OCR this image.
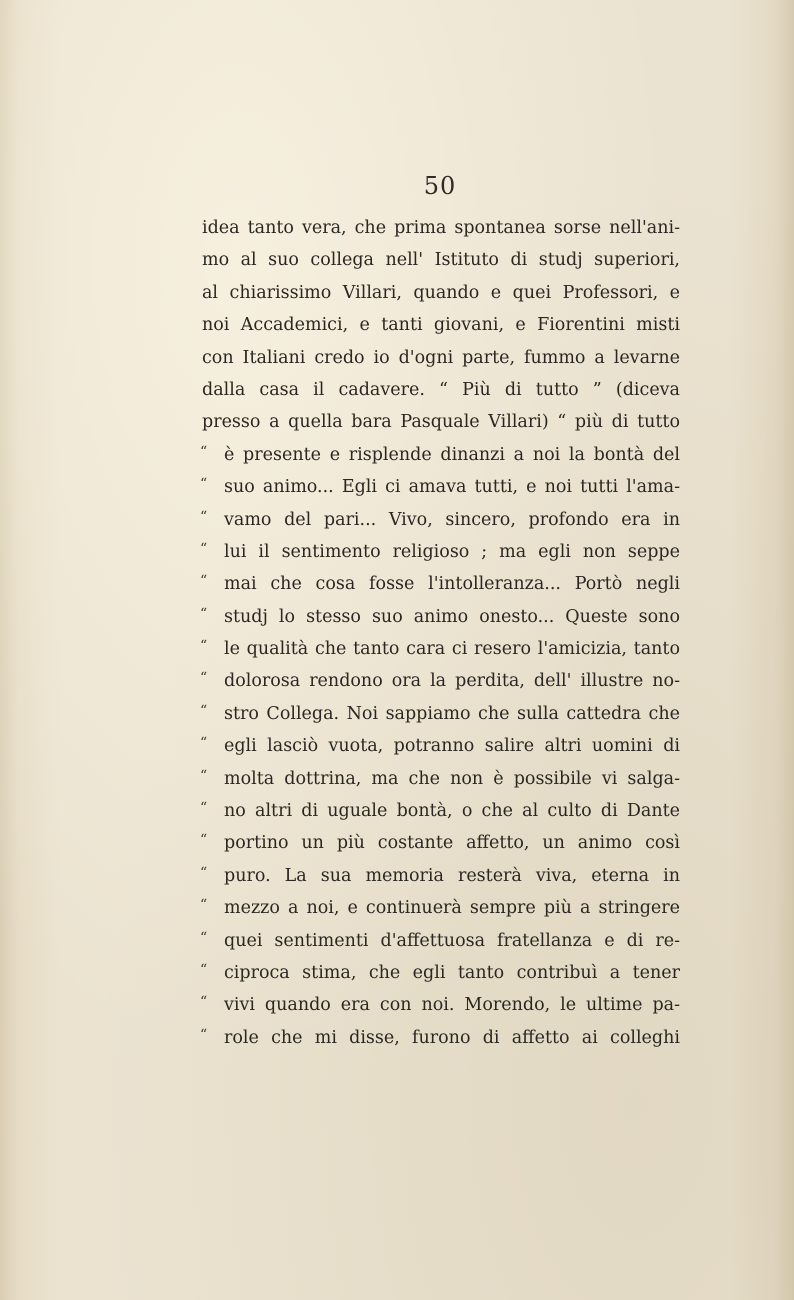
50
idea tanto vera, che prima spontanea sorse nell'ani-
mo al suo collega nell' Istituto di studj superiori,
al chiarissimo Villari, quando e quei Professori, e
noi Accademici, e tanti giovani, e Fiorentini misti
con Italiani credo io d'ogni parte, fummo a levarne
dalla casa il cadavere. “ Più di tutto ” (diceva
presso a quella bara Pasquale Villari) “ più di tutto
“ è presente e risplende dinanzi a noi la bontà del
“ suo animo... Egli ci amava tutti, e noi tutti l'ama-
“ vamo del pari... Vivo, sincero, profondo era in
“ lui il sentimento religioso ; ma egli non seppe
“ mai che cosa fosse l'intolleranza... Portò negli
“ studj lo stesso suo animo onesto... Queste sono
“ le qualità che tanto cara ci resero l'amicizia, tanto
“ dolorosa rendono ora la perdita, dell' illustre no-
“ stro Collega. Noi sappiamo che sulla cattedra che
“ egli lasciò vuota, potranno salire altri uomini di
“ molta dottrina, ma che non è possibile vi salga-
“ no altri di uguale bontà, o che al culto di Dante
“ portino un più costante affetto, un animo così
“ puro. La sua memoria resterà viva, eterna in
“ mezzo a noi, e continuerà sempre più a stringere
“ quei sentimenti d'affettuosa fratellanza e di re-
“ ciproca stima, che egli tanto contribuì a tener
“ vivi quando era con noi. Morendo, le ultime pa-
“ role che mi disse, furono di affetto ai colleghi
